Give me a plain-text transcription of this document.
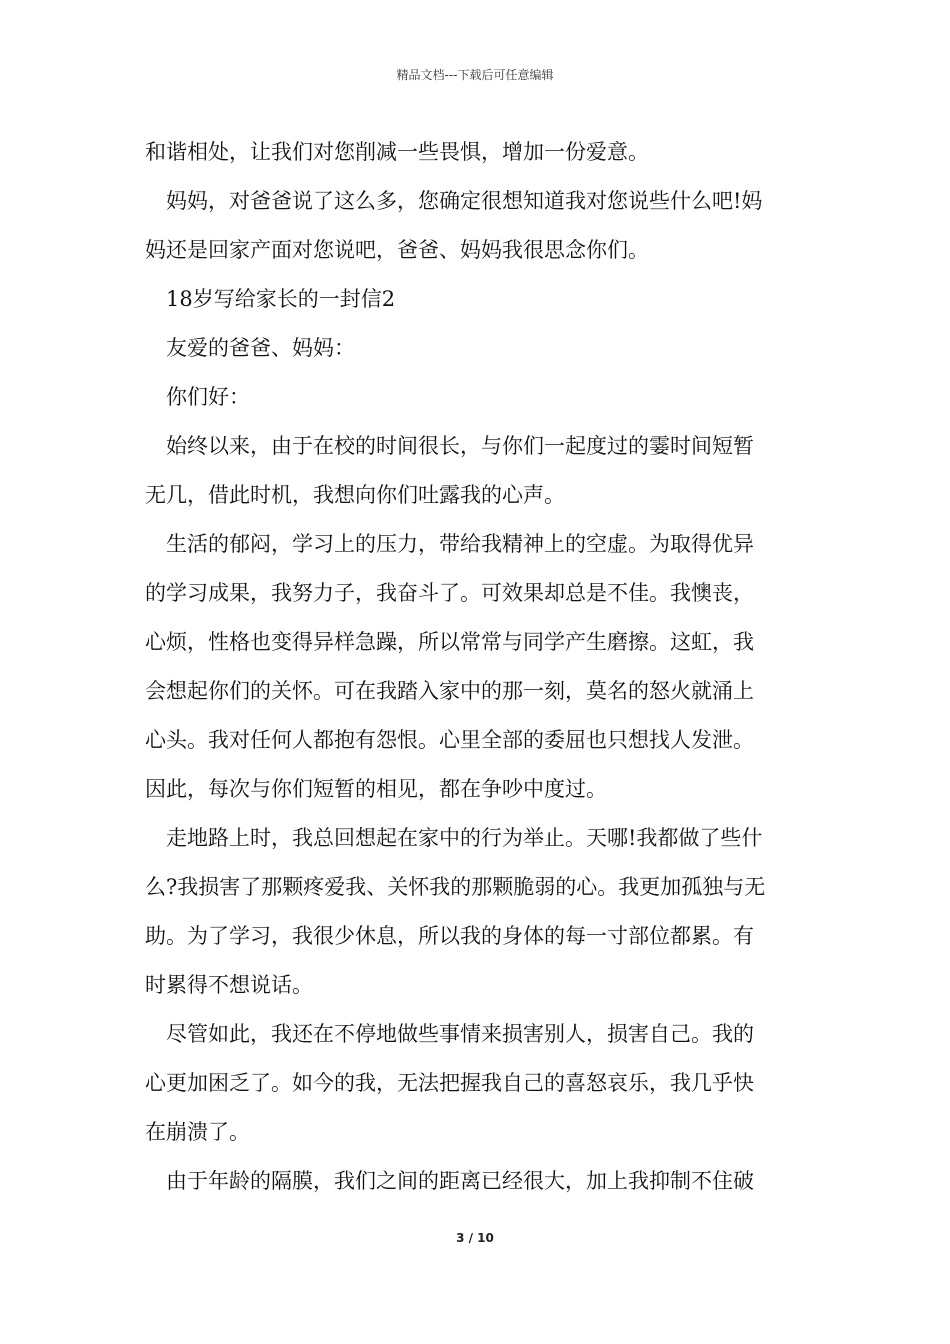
精品文档---下载后可任意编辑
和谐相处，让我们对您削减一些畏惧，增加一份爱意。
妈妈，对爸爸说了这么多，您确定很想知道我对您说些什么吧!妈
妈还是回家产面对您说吧，爸爸、妈妈我很思念你们。
18岁写给家长的一封信2
友爱的爸爸、妈妈：
你们好：
始终以来，由于在校的时间很长，与你们一起度过的霎时间短暂
无几，借此时机，我想向你们吐露我的心声。
生活的郁闷，学习上的压力，带给我精神上的空虚。为取得优异
的学习成果，我努力子，我奋斗了。可效果却总是不佳。我懊丧，
心烦，性格也变得异样急躁，所以常常与同学产生磨擦。这虹，我
会想起你们的关怀。可在我踏入家中的那一刻，莫名的怒火就涌上
心头。我对任何人都抱有怨恨。心里全部的委屈也只想找人发泄。
因此，每次与你们短暂的相见，都在争吵中度过。
走地路上时，我总回想起在家中的行为举止。天哪!我都做了些什
么?我损害了那颗疼爱我、关怀我的那颗脆弱的心。我更加孤独与无
助。为了学习，我很少休息，所以我的身体的每一寸部位都累。有
时累得不想说话。
尽管如此，我还在不停地做些事情来损害别人，损害自己。我的
心更加困乏了。如今的我，无法把握我自己的喜怒哀乐，我几乎快
在崩溃了。
由于年龄的隔膜，我们之间的距离已经很大，加上我抑制不住破
3 / 10
